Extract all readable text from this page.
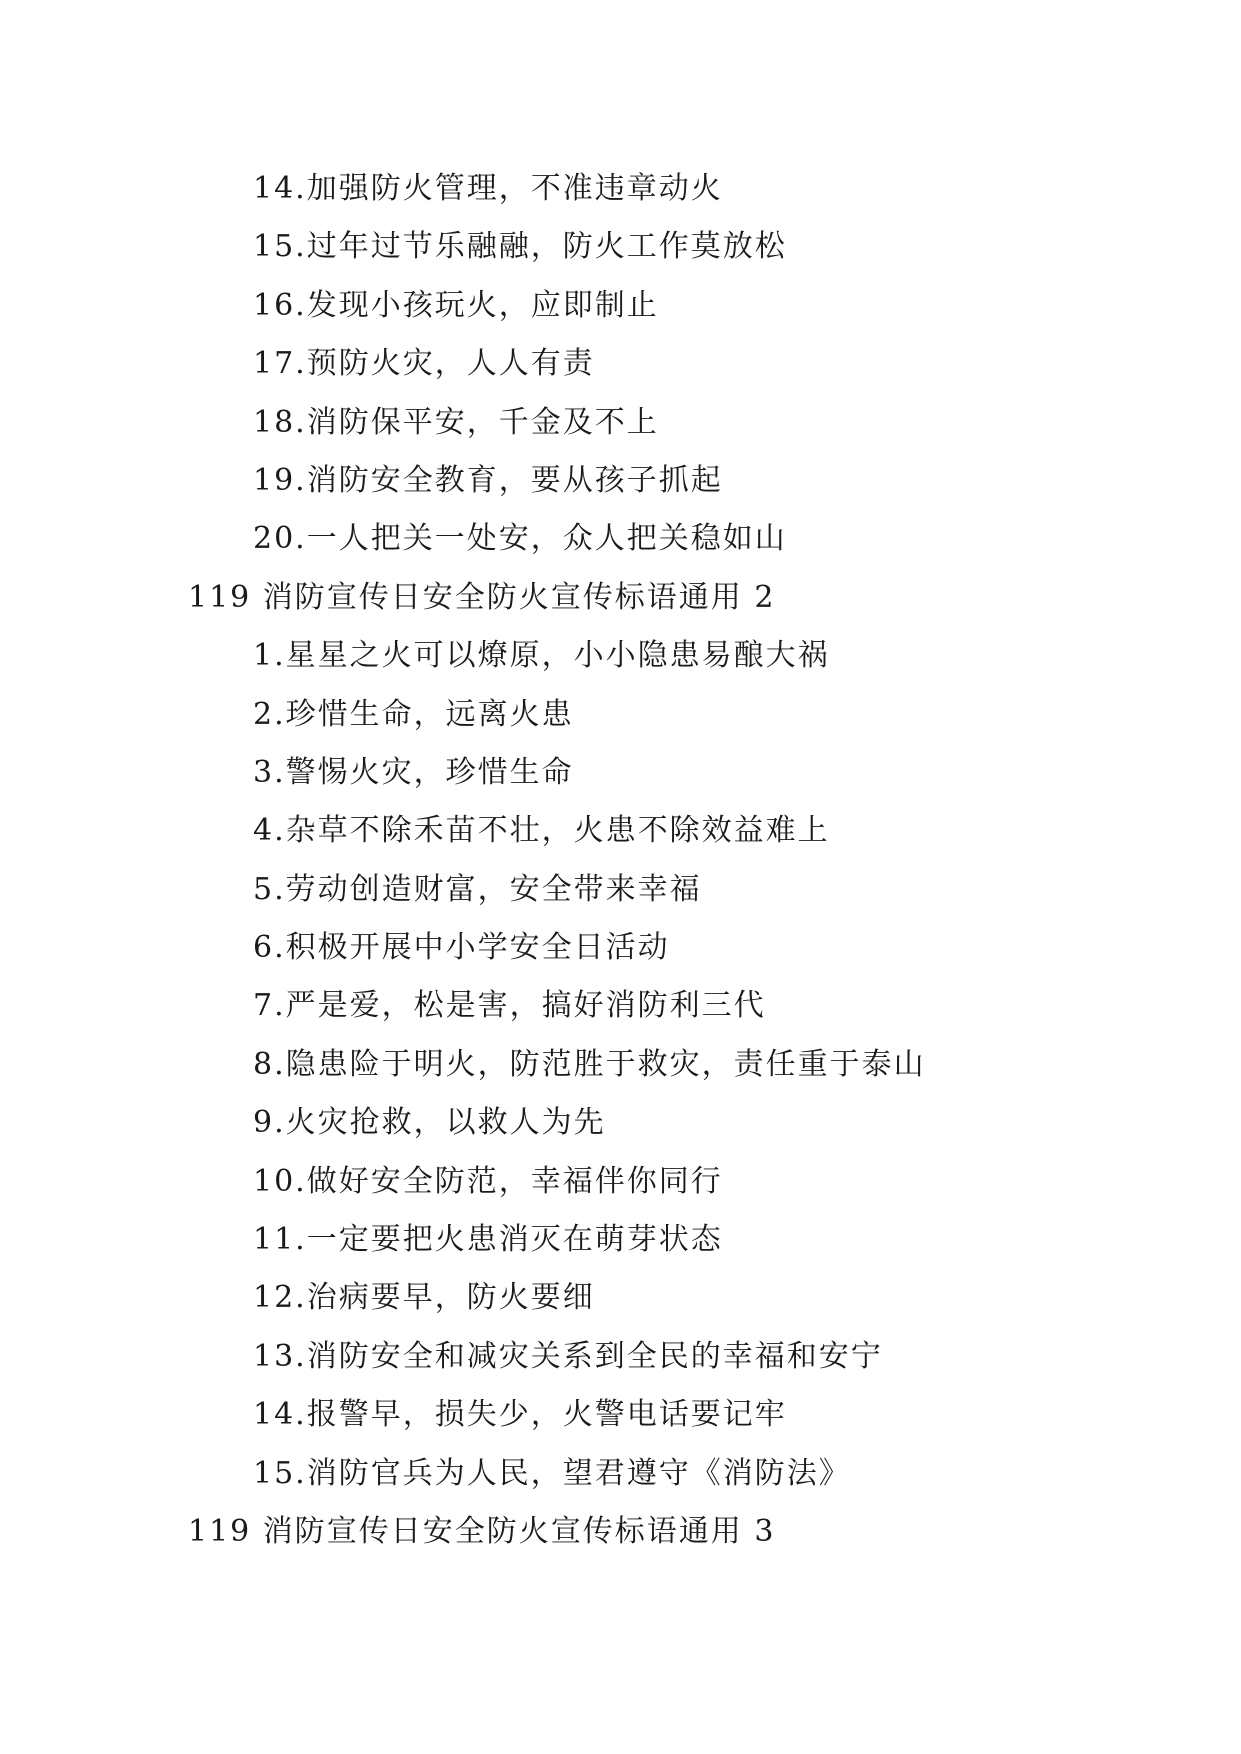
14.加强防火管理，不准违章动火
15.过年过节乐融融，防火工作莫放松
16.发现小孩玩火，应即制止
17.预防火灾，人人有责
18.消防保平安，千金及不上
19.消防安全教育，要从孩子抓起
20.一人把关一处安，众人把关稳如山
119 消防宣传日安全防火宣传标语通用 2
1.星星之火可以燎原，小小隐患易酿大祸
2.珍惜生命，远离火患
3.警惕火灾，珍惜生命
4.杂草不除禾苗不壮，火患不除效益难上
5.劳动创造财富，安全带来幸福
6.积极开展中小学安全日活动
7.严是爱，松是害，搞好消防利三代
8.隐患险于明火，防范胜于救灾，责任重于泰山
9.火灾抢救，以救人为先
10.做好安全防范，幸福伴你同行
11.一定要把火患消灭在萌芽状态
12.治病要早，防火要细
13.消防安全和减灾关系到全民的幸福和安宁
14.报警早，损失少，火警电话要记牢
15.消防官兵为人民，望君遵守《消防法》
119 消防宣传日安全防火宣传标语通用 3
